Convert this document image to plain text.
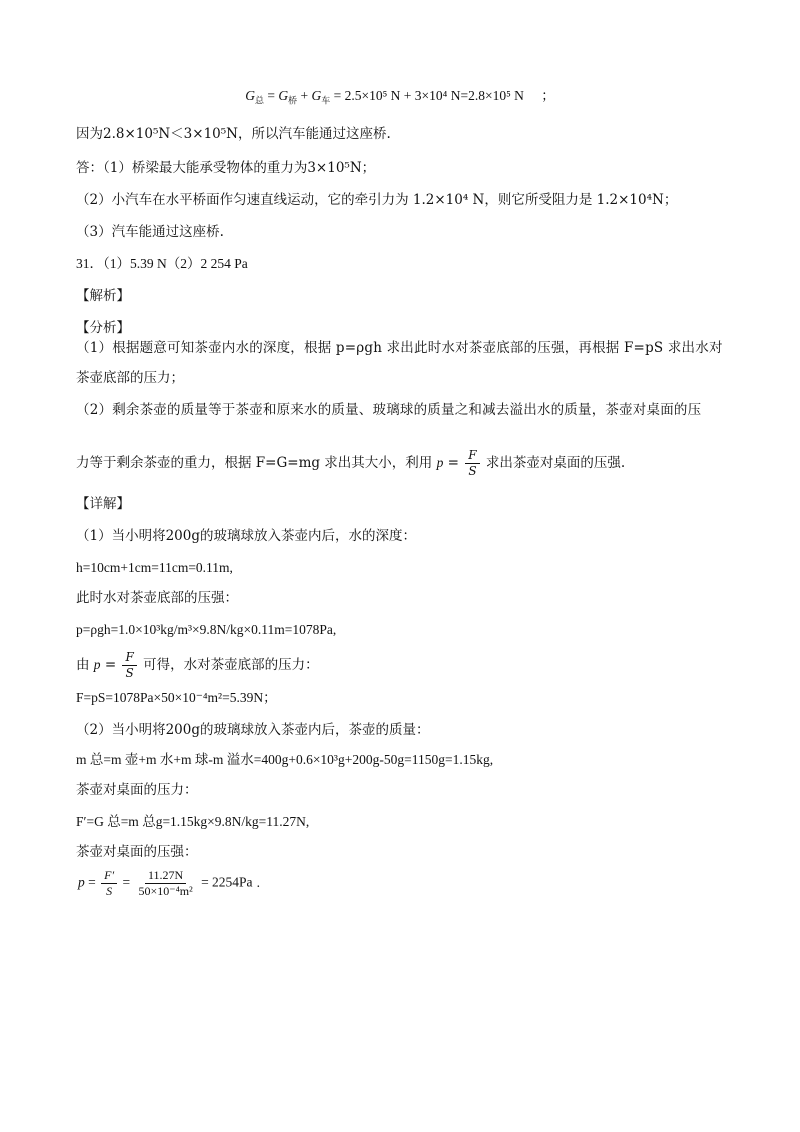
$G_总 = G_桥 + G_车 = 2.5\times 10^5$ N + 3×10⁴ N=2.8×10⁵ N ；
因为2.8×10⁵N＜3×10⁵N，所以汽车能通过这座桥.
答：（1）桥梁最大能承受物体的重力为3×10⁵N；
（2）小汽车在水平桥面作匀速直线运动，它的牵引力为 1.2×10⁴ N，则它所受阻力是 1.2×10⁴N；
（3）汽车能通过这座桥.
31．（1）5.39 N（2）2 254 Pa
【解析】
【分析】
（1）根据题意可知茶壶内水的深度，根据 p=ρgh 求出此时水对茶壶底部的压强，再根据 F=pS 求出水对
茶壶底部的压力；
（2）剩余茶壶的质量等于茶壶和原来水的质量、玻璃球的质量之和减去溢出水的质量，茶壶对桌面的压
力等于剩余茶壶的重力，根据 F=G=mg 求出其大小，利用 $p = \frac{F}{S}$ 求出茶壶对桌面的压强.
【详解】
（1）当小明将200g的玻璃球放入茶壶内后，水的深度：
h=10cm+1cm=11cm=0.11m,
此时水对茶壶底部的压强：
p=ρgh=1.0×10³kg/m³×9.8N/kg×0.11m=1078Pa,
由 $p = \frac{F}{S}$ 可得，水对茶壶底部的压力：
F=pS=1078Pa×50×10⁻⁴m²=5.39N；
（2）当小明将200g的玻璃球放入茶壶内后，茶壶的质量：
m 总=m 壶+m 水+m 球-m 溢水=400g+0.6×10³g+200g-50g=1150g=1.15kg,
茶壶对桌面的压力：
F′=G 总=m 总g=1.15kg×9.8N/kg=11.27N,
茶壶对桌面的压强：
$p = \frac{F'}{S} = \frac{11.27N}{\text{50×10⁻⁴m²}} = 2254Pa$ .
